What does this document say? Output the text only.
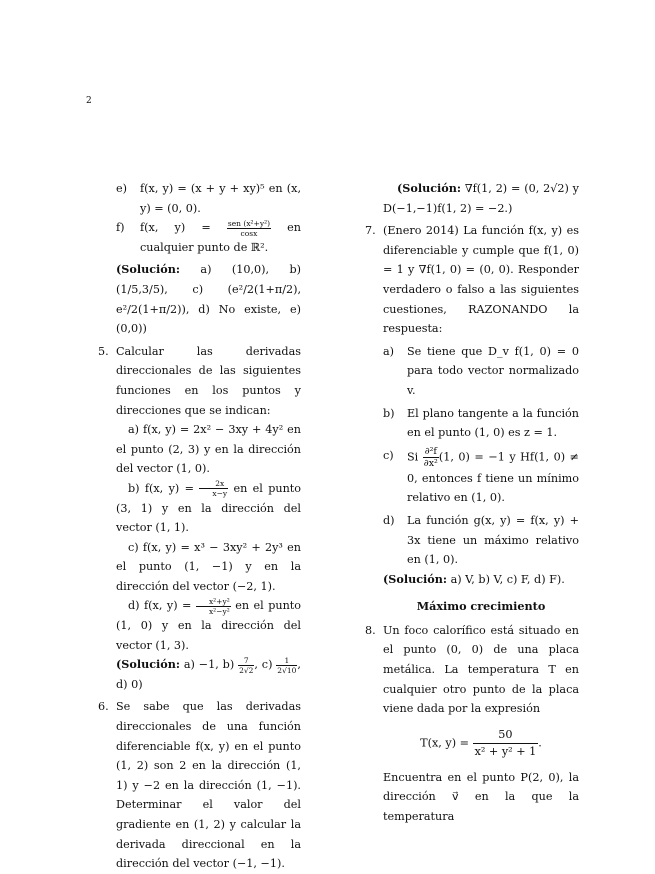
2
e) f(x, y) = (x + y + xy)⁵ en (x, y) = (0, 0).
f) f(x, $y) = \frac{\text{sen (x²+y²)}}{\cos x}$ en cualquier punto de ℝ².
(Solución: a) (10,0), b) (1/5,3/5), c) (e²/2(1+π/2), e²/2(1+π/2)), d) No existe, e) (0,0))
5. Calcular las derivadas direccionales de las siguientes funciones en los puntos y direcciones que se indican:
a) f(x, y) = 2x² − 3xy + 4y² en el punto (2, 3) y en la dirección del vector (1, 0).
b) f(x, $y) = \frac{2x}{x-y}$ en el punto (3, 1) y en la dirección del vector (1, 1).
c) f(x, y) = x³ − 3xy² + 2y³ en el punto (1, −1) y en la dirección del vector (−2, 1).
d) f(x, $y) = \frac{\text{x²+y²}}{\text{x²−y²}}$ en el punto (1, 0) y en la dirección del vector (1, 3).
(Solución: a) −1, $b) \frac{7}{2√2}$ , $c) \frac{1}{2√10}$ , d) 0)
6. Se sabe que las derivadas direccionales de una función diferenciable f(x, y) en el punto (1, 2) son 2 en la dirección (1, 1) y −2 en la dirección (1, −1). Determinar el valor del gradiente en (1, 2) y calcular la derivada direccional en la dirección del vector (−1, −1).
(Solución: ∇f(1, 2) = (0, 2√2) y D(−1,−1)f(1, 2) = −2.)
7. (Enero 2014) La función f(x, y) es diferenciable y cumple que f(1, 0) = 1 y ∇f(1, 0) = (0, 0). Responder verdadero o falso a las siguientes cuestiones, RAZONANDO la respuesta:
a) Se tiene que D_v f(1, 0) = 0 para todo vector normalizado v.
b) El plano tangente a la función en el punto (1, 0) es z = 1.
c) Si $\frac{\text{∂²f}}{\text{∂x²}} (1$, 0) = −1 y Hf(1, 0) ≠ 0, entonces f tiene un mínimo relativo en (1, 0).
d) La función g(x, y) = f(x, y) + 3x tiene un máximo relativo en (1, 0).
(Solución: a) V, b) V, c) F, d) F).
Máximo crecimiento
8. Un foco calorífico está situado en el punto (0, 0) de una placa metálica. La temperatura T en cualquier otro punto de la placa viene dada por la expresión
T(x, $y) = \frac{50}{\text{x² + y² + 1}}$ .
Encuentra en el punto P(2, 0), la dirección v⃗ en la que la temperatura
